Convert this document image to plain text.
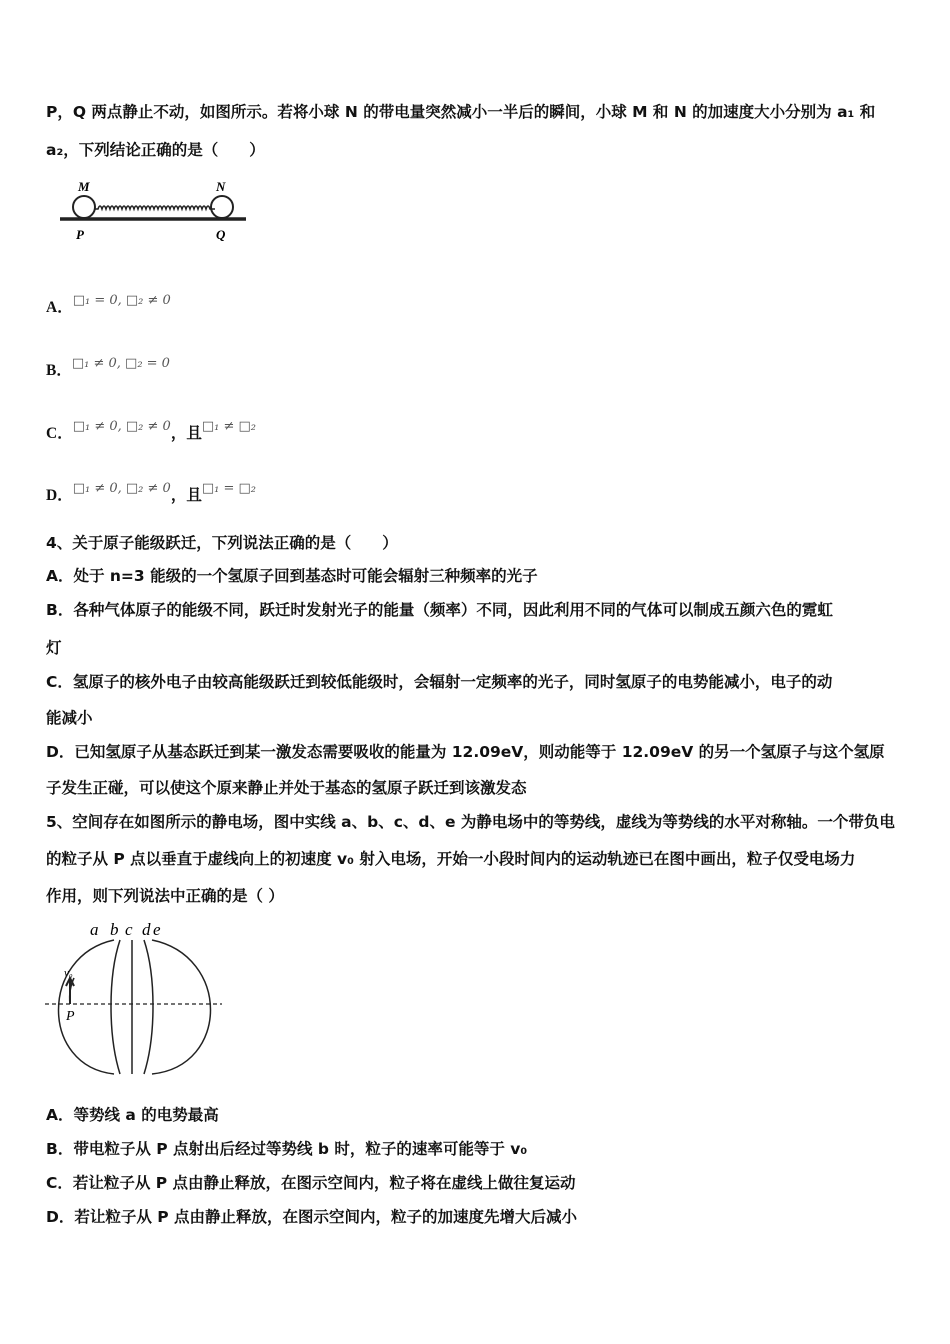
P，Q 两点静止不动，如图所示。若将小球 N 的带电量突然减小一半后的瞬间，小球 M 和 N 的加速度大小分别为 a₁ 和
a₂，下列结论正确的是（　　）
M	N
P	Q
A．$^{□_1 = 0, □_2 \ne 0}$
B．$^{□_1 \ne 0, □_2 = 0}$
C．$^{□_1 \ne 0, □_2 \ne 0}$，且$^{□_1 \ne □_2}$
D．$^{□_1 \ne 0, □_2 \ne 0}$，且$^{□_1 = □_2}$
4、关于原子能级跃迁，下列说法正确的是（　　）
A．处于 n=3 能级的一个氢原子回到基态时可能会辐射三种频率的光子
B．各种气体原子的能级不同，跃迁时发射光子的能量（频率）不同，因此利用不同的气体可以制成五颜六色的霓虹
灯
C．氢原子的核外电子由较高能级跃迁到较低能级时，会辐射一定频率的光子，同时氢原子的电势能减小，电子的动
能减小
D．已知氢原子从基态跃迁到某一激发态需要吸收的能量为 12.09eV，则动能等于 12.09eV 的另一个氢原子与这个氢原
子发生正碰，可以使这个原来静止并处于基态的氢原子跃迁到该激发态
5、空间存在如图所示的静电场，图中实线 a、b、c、d、e 为静电场中的等势线，虚线为等势线的水平对称轴。一个带负电
的粒子从 P 点以垂直于虚线向上的初速度 v₀ 射入电场，开始一小段时间内的运动轨迹已在图中画出，粒子仅受电场力
作用，则下列说法中正确的是（ ）
a b c d e
v₀
P
A．等势线 a 的电势最高
B．带电粒子从 P 点射出后经过等势线 b 时，粒子的速率可能等于 v₀
C．若让粒子从 P 点由静止释放，在图示空间内，粒子将在虚线上做往复运动
D．若让粒子从 P 点由静止释放，在图示空间内，粒子的加速度先增大后减小
